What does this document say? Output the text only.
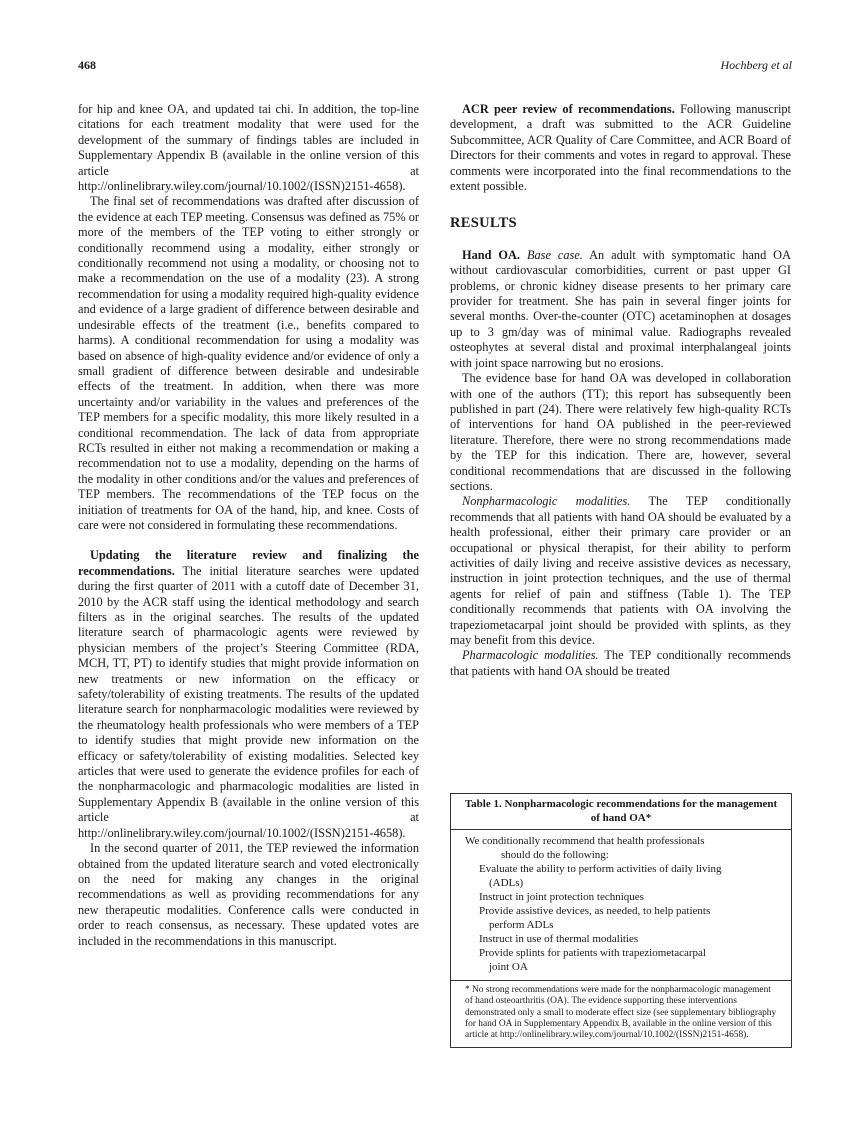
468	Hochberg et al

for hip and knee OA, and updated tai chi. In addition, the top-line citations for each treatment modality that were used for the development of the summary of findings tables are included in Supplementary Appendix B (available in the online version of this article at http://onlinelibrary.wiley.com/journal/10.1002/(ISSN)2151-4658).

The final set of recommendations was drafted after discussion of the evidence at each TEP meeting. Consensus was defined as 75% or more of the members of the TEP voting to either strongly or conditionally recommend using a modality, either strongly or conditionally recommend not using a modality, or choosing not to make a recommendation on the use of a modality (23). A strong recommendation for using a modality required high-quality evidence and evidence of a large gradient of difference between desirable and undesirable effects of the treatment (i.e., benefits compared to harms). A conditional recommendation for using a modality was based on absence of high-quality evidence and/or evidence of only a small gradient of difference between desirable and undesirable effects of the treatment. In addition, when there was more uncertainty and/or variability in the values and preferences of the TEP members for a specific modality, this more likely resulted in a conditional recommendation. The lack of data from appropriate RCTs resulted in either not making a recommendation or making a recommendation not to use a modality, depending on the harms of the modality in other conditions and/or the values and preferences of TEP members. The recommendations of the TEP focus on the initiation of treatments for OA of the hand, hip, and knee. Costs of care were not considered in formulating these recommendations.

Updating the literature review and finalizing the recommendations. The initial literature searches were updated during the first quarter of 2011 with a cutoff date of December 31, 2010 by the ACR staff using the identical methodology and search filters as in the original searches. The results of the updated literature search of pharmacologic agents were reviewed by physician members of the project’s Steering Committee (RDA, MCH, TT, PT) to identify studies that might provide information on new treatments or new information on the efficacy or safety/tolerability of existing treatments. The results of the updated literature search for nonpharmacologic modalities were reviewed by the rheumatology health professionals who were members of a TEP to identify studies that might provide new information on the efficacy or safety/tolerability of existing modalities. Selected key articles that were used to generate the evidence profiles for each of the nonpharmacologic and pharmacologic modalities are listed in Supplementary Appendix B (available in the online version of this article at http://onlinelibrary.wiley.com/journal/10.1002/(ISSN)2151-4658).

In the second quarter of 2011, the TEP reviewed the information obtained from the updated literature search and voted electronically on the need for making any changes in the original recommendations as well as providing recommendations for any new therapeutic modalities. Conference calls were conducted in order to reach consensus, as necessary. These updated votes are included in the recommendations in this manuscript.

ACR peer review of recommendations. Following manuscript development, a draft was submitted to the ACR Guideline Subcommittee, ACR Quality of Care Committee, and ACR Board of Directors for their comments and votes in regard to approval. These comments were incorporated into the final recommendations to the extent possible.

RESULTS

Hand OA. Base case. An adult with symptomatic hand OA without cardiovascular comorbidities, current or past upper GI problems, or chronic kidney disease presents to her primary care provider for treatment. She has pain in several finger joints for several months. Over-the-counter (OTC) acetaminophen at dosages up to 3 gm/day was of minimal value. Radiographs revealed osteophytes at several distal and proximal interphalangeal joints with joint space narrowing but no erosions.

The evidence base for hand OA was developed in collaboration with one of the authors (TT); this report has subsequently been published in part (24). There were relatively few high-quality RCTs of interventions for hand OA published in the peer-reviewed literature. Therefore, there were no strong recommendations made by the TEP for this indication. There are, however, several conditional recommendations that are discussed in the following sections.

Nonpharmacologic modalities. The TEP conditionally recommends that all patients with hand OA should be evaluated by a health professional, either their primary care provider or an occupational or physical therapist, for their ability to perform activities of daily living and receive assistive devices as necessary, instruction in joint protection techniques, and the use of thermal agents for relief of pain and stiffness (Table 1). The TEP conditionally recommends that patients with OA involving the trapeziometacarpal joint should be provided with splints, as they may benefit from this device.

Pharmacologic modalities. The TEP conditionally recommends that patients with hand OA should be treated

Table 1. Nonpharmacologic recommendations for the management of hand OA*
We conditionally recommend that health professionals
should do the following:
Evaluate the ability to perform activities of daily living
(ADLs)
Instruct in joint protection techniques
Provide assistive devices, as needed, to help patients
perform ADLs
Instruct in use of thermal modalities
Provide splints for patients with trapeziometacarpal
joint OA
* No strong recommendations were made for the nonpharmacologic management of hand osteoarthritis (OA). The evidence supporting these interventions demonstrated only a small to moderate effect size (see supplementary bibliography for hand OA in Supplementary Appendix B, available in the online version of this article at http://onlinelibrary.wiley.com/journal/10.1002/(ISSN)2151-4658).
